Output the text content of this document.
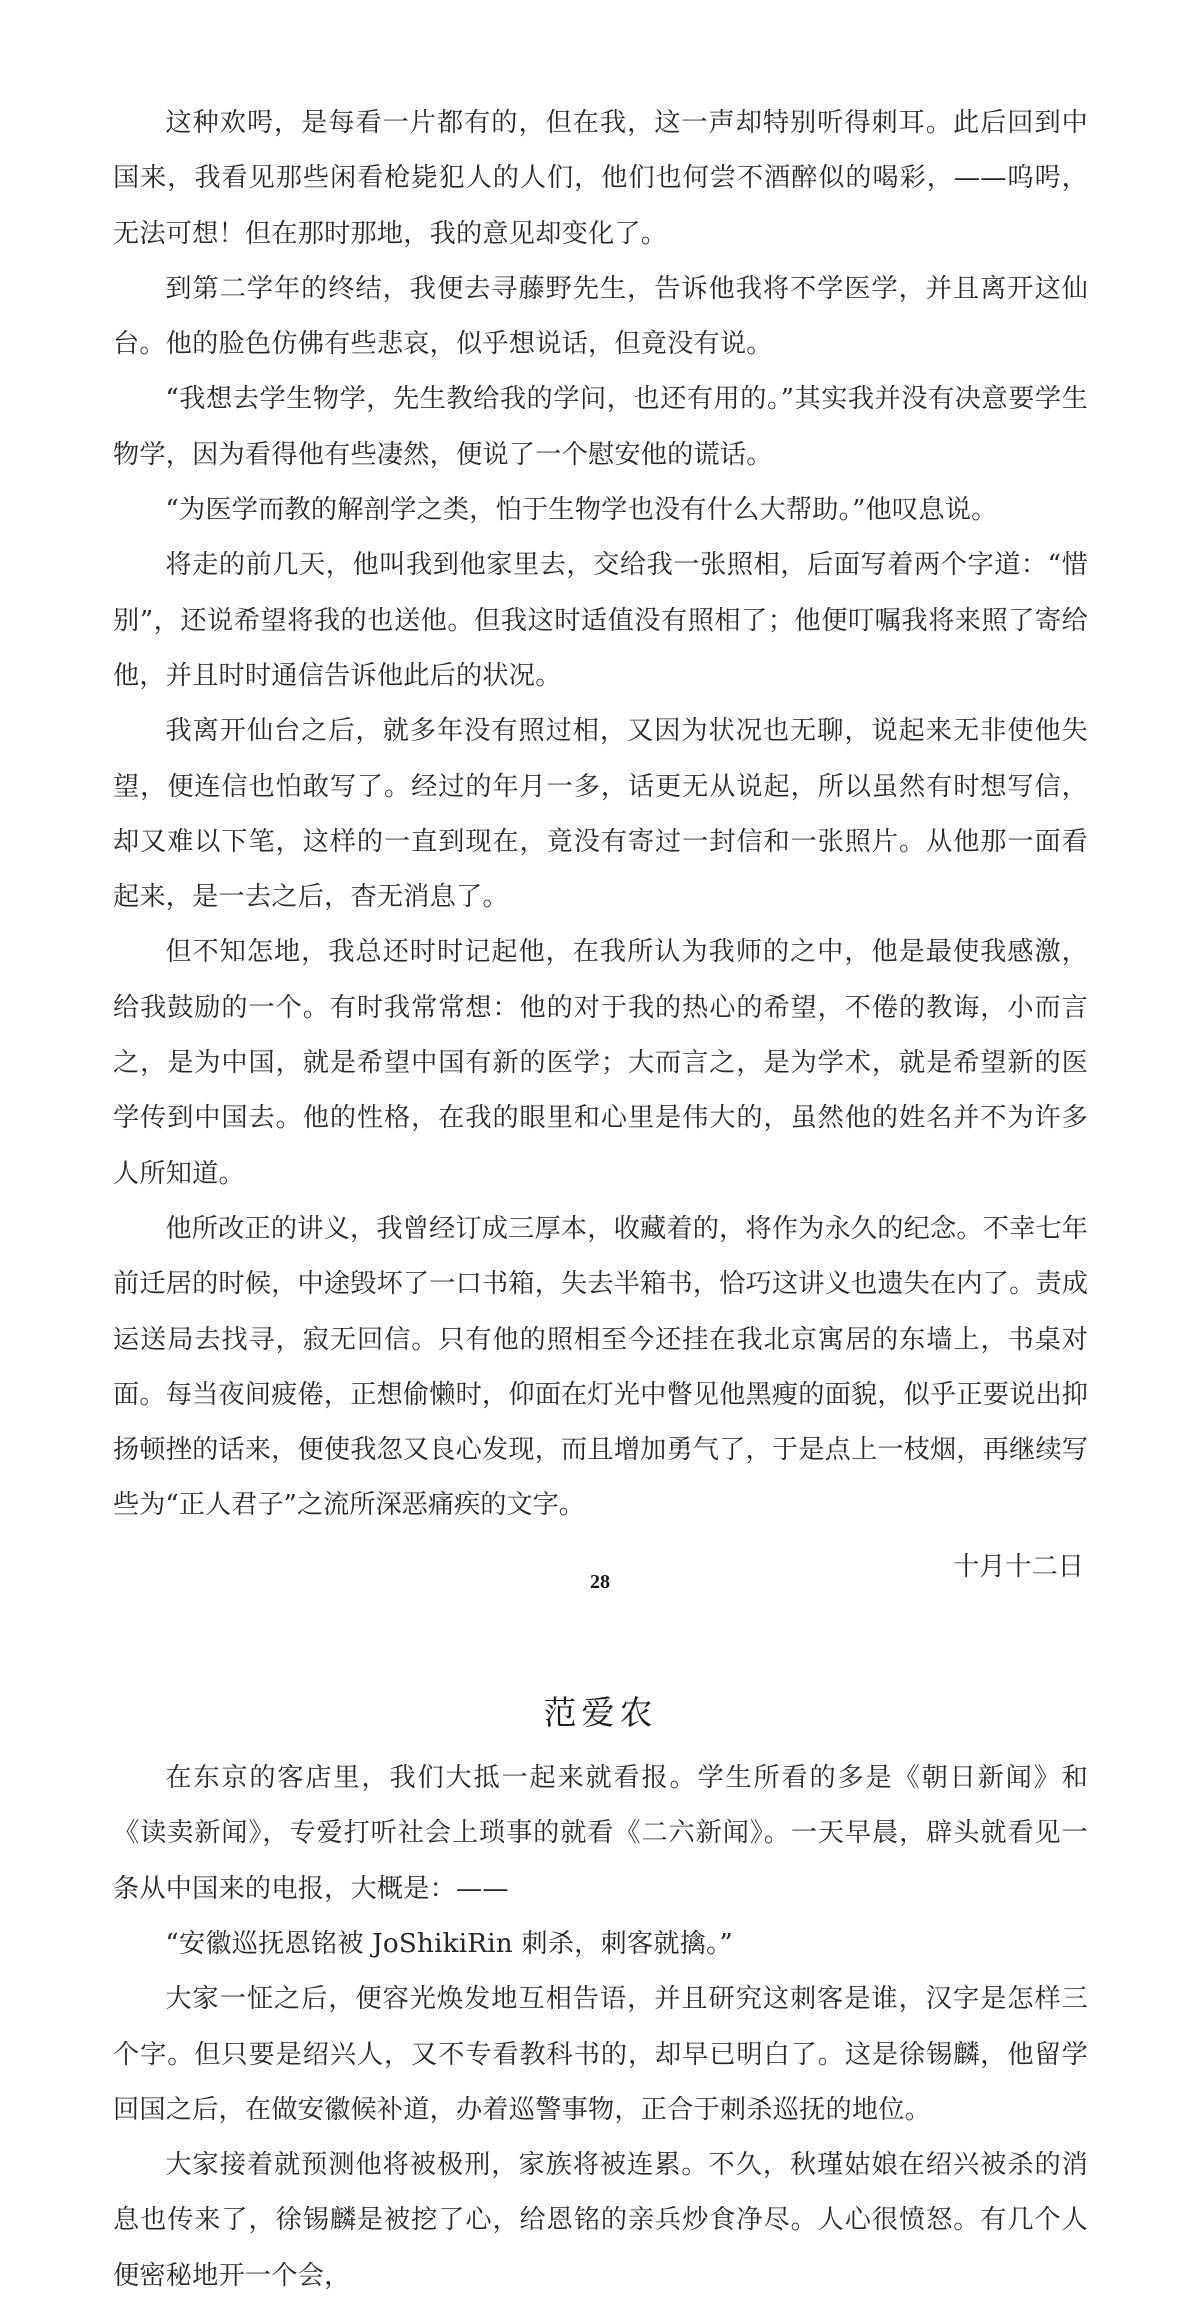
这种欢呺，是每看一片都有的，但在我，这一声却特别听得刺耳。此后回到中国来，我看见那些闲看枪毙犯人的人们，他们也何尝不酒醉似的喝彩，——呜呺，无法可想！但在那时那地，我的意见却变化了。

到第二学年的终结，我便去寻藤野先生，告诉他我将不学医学，并且离开这仙台。他的脸色仿佛有些悲哀，似乎想说话，但竟没有说。

“我想去学生物学，先生教给我的学问，也还有用的。”其实我并没有决意要学生物学，因为看得他有些凄然，便说了一个慰安他的谎话。

“为医学而教的解剖学之类，怕于生物学也没有什么大帮助。”他叹息说。

将走的前几天，他叫我到他家里去，交给我一张照相，后面写着两个字道：“惜别”，还说希望将我的也送他。但我这时适值没有照相了；他便叮嘱我将来照了寄给他，并且时时通信告诉他此后的状况。

我离开仙台之后，就多年没有照过相，又因为状况也无聊，说起来无非使他失望，便连信也怕敢写了。经过的年月一多，话更无从说起，所以虽然有时想写信，却又难以下笔，这样的一直到现在，竟没有寄过一封信和一张照片。从他那一面看起来，是一去之后，杳无消息了。

但不知怎地，我总还时时记起他，在我所认为我师的之中，他是最使我感激，给我鼓励的一个。有时我常常想：他的对于我的热心的希望，不倦的教诲，小而言之，是为中国，就是希望中国有新的医学；大而言之，是为学术，就是希望新的医学传到中国去。他的性格，在我的眼里和心里是伟大的，虽然他的姓名并不为许多人所知道。

他所改正的讲义，我曾经订成三厚本，收藏着的，将作为永久的纪念。不幸七年前迁居的时候，中途毁坏了一口书箱，失去半箱书，恰巧这讲义也遗失在内了。责成运送局去找寻，寂无回信。只有他的照相至今还挂在我北京寓居的东墙上，书桌对面。每当夜间疲倦，正想偷懒时，仰面在灯光中瞥见他黑瘦的面貌，似乎正要说出抑扬顿挫的话来，便使我忽又良心发现，而且增加勇气了，于是点上一枝烟，再继续写些为“正人君子”之流所深恶痛疾的文字。

十月十二日

范爱农

在东京的客店里，我们大抵一起来就看报。学生所看的多是《朝日新闻》和《读卖新闻》，专爱打听社会上琐事的就看《二六新闻》。一天早晨，辟头就看见一条从中国来的电报，大概是：——

“安徽巡抚恩铭被 JoShikiRin 刺杀，刺客就擒。”

大家一怔之后，便容光焕发地互相告语，并且研究这刺客是谁，汉字是怎样三个字。但只要是绍兴人，又不专看教科书的，却早已明白了。这是徐锡麟，他留学回国之后，在做安徽候补道，办着巡警事物，正合于刺杀巡抚的地位。

大家接着就预测他将被极刑，家族将被连累。不久，秋瑾姑娘在绍兴被杀的消息也传来了，徐锡麟是被挖了心，给恩铭的亲兵炒食净尽。人心很愤怒。有几个人便密秘地开一个会，

28
